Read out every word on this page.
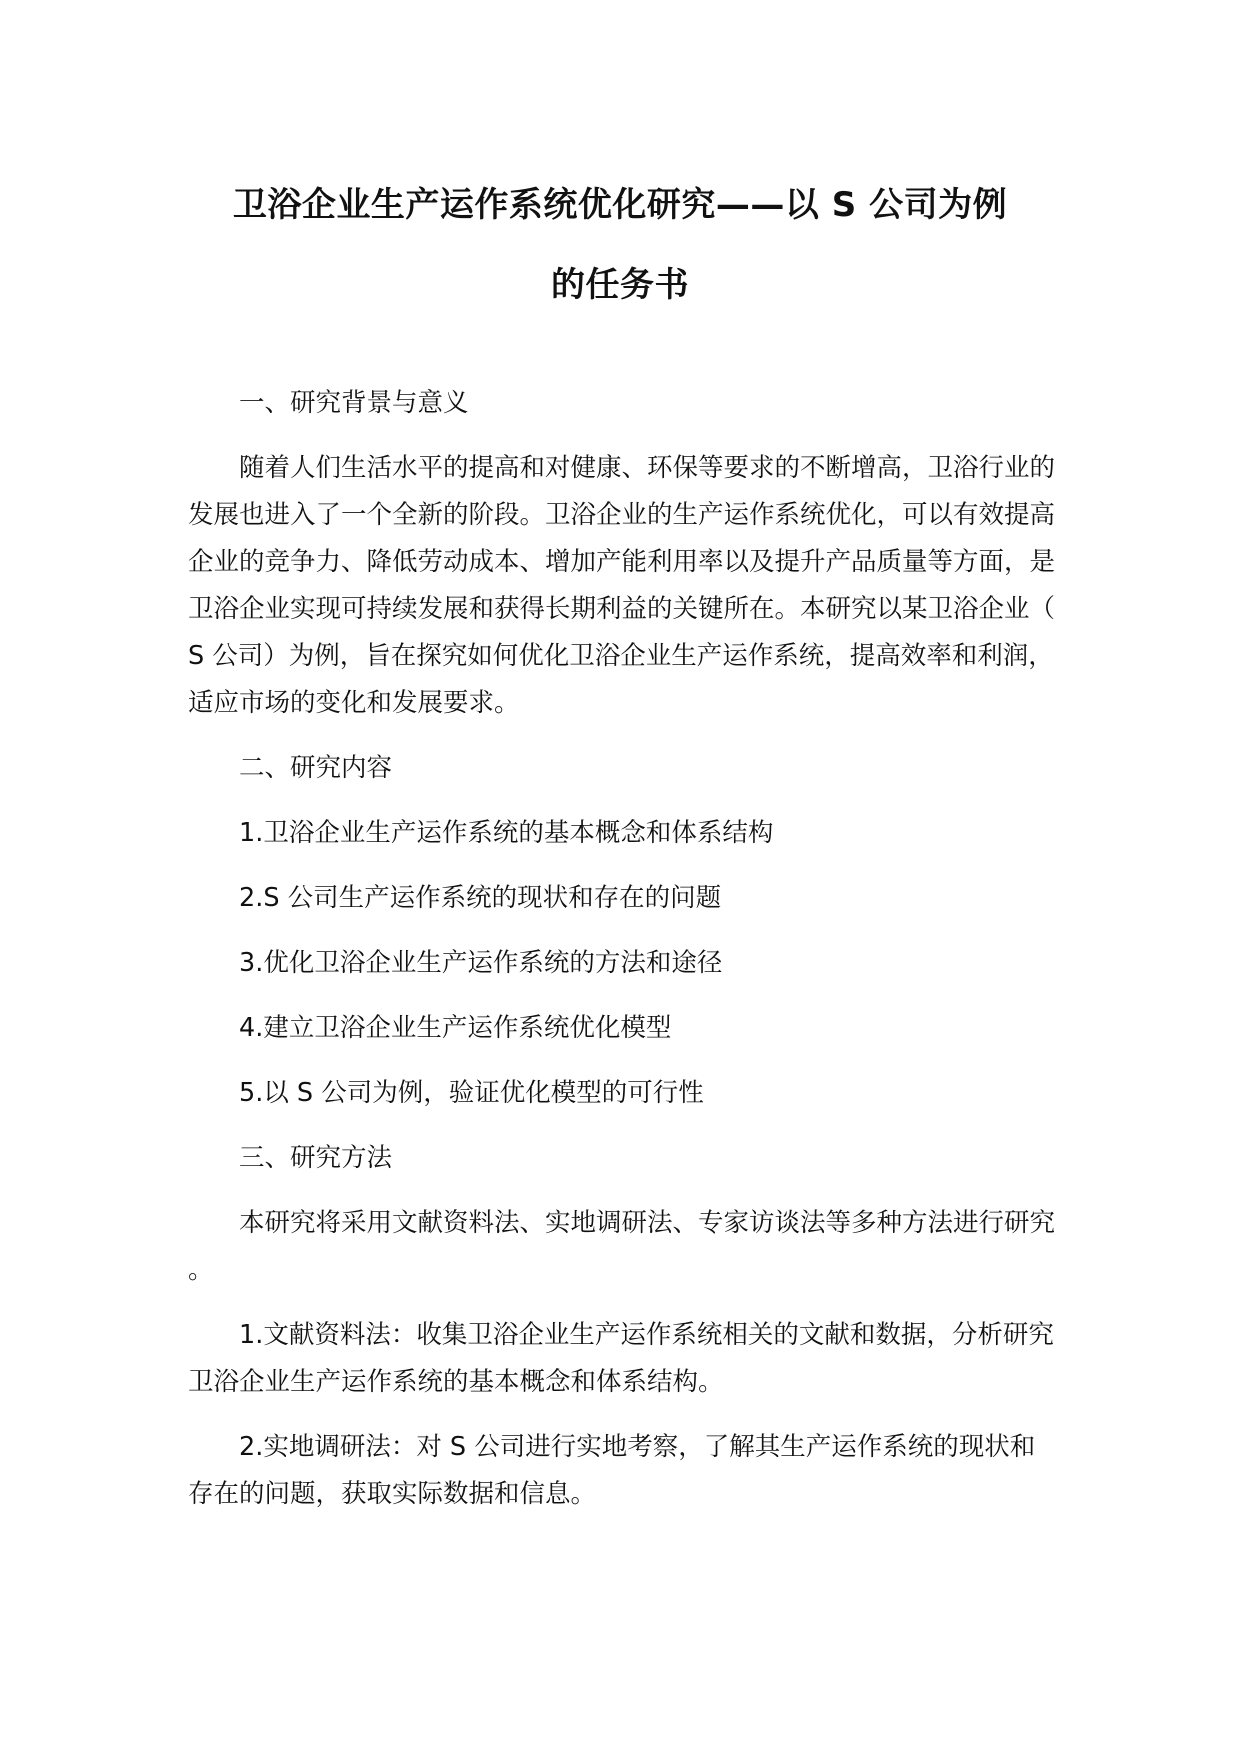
卫浴企业生产运作系统优化研究——以 S 公司为例
的任务书

一、研究背景与意义

随着人们生活水平的提高和对健康、环保等要求的不断增高，卫浴行业的发展也进入了一个全新的阶段。卫浴企业的生产运作系统优化，可以有效提高企业的竞争力、降低劳动成本、增加产能利用率以及提升产品质量等方面，是卫浴企业实现可持续发展和获得长期利益的关键所在。本研究以某卫浴企业（S 公司）为例，旨在探究如何优化卫浴企业生产运作系统，提高效率和利润，适应市场的变化和发展要求。

二、研究内容

1.卫浴企业生产运作系统的基本概念和体系结构

2.S 公司生产运作系统的现状和存在的问题

3.优化卫浴企业生产运作系统的方法和途径

4.建立卫浴企业生产运作系统优化模型

5.以 S 公司为例，验证优化模型的可行性

三、研究方法

本研究将采用文献资料法、实地调研法、专家访谈法等多种方法进行研究。

1.文献资料法：收集卫浴企业生产运作系统相关的文献和数据，分析研究卫浴企业生产运作系统的基本概念和体系结构。

2.实地调研法：对 S 公司进行实地考察，了解其生产运作系统的现状和存在的问题，获取实际数据和信息。
